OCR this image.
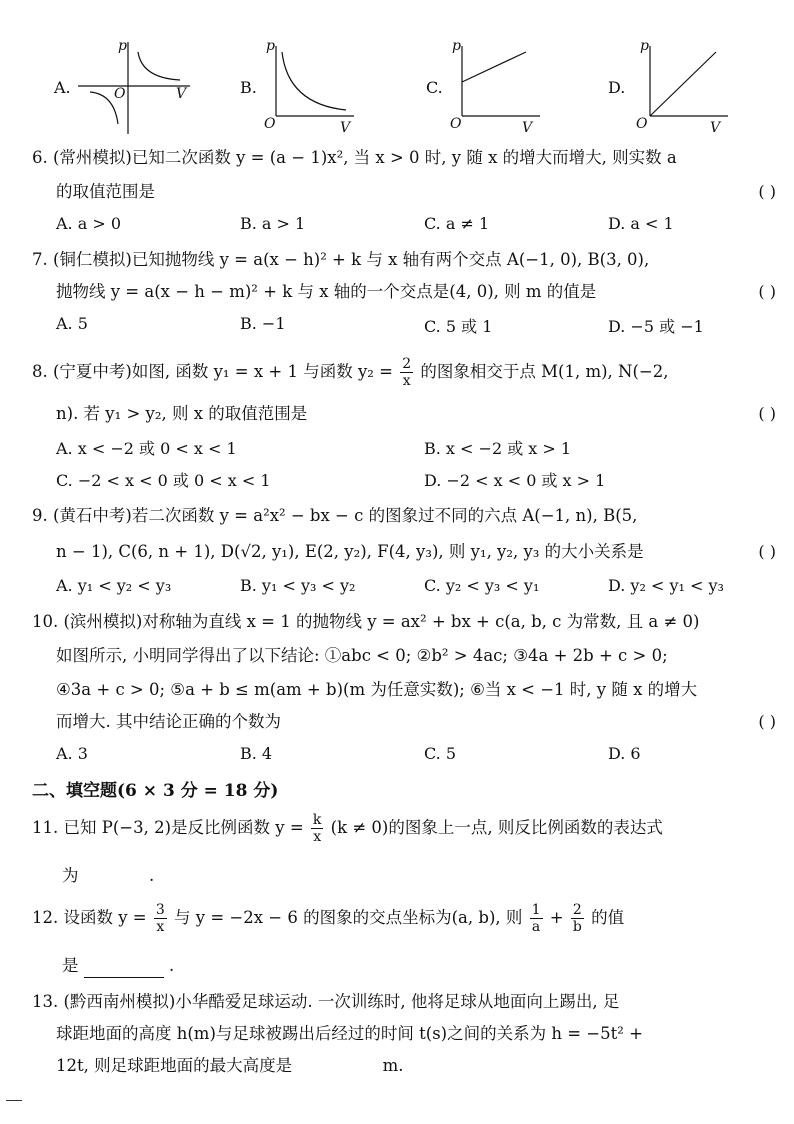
A.
p
O	V	B.
p
O	V
C.
p
O	V
D.
p
O	V
6. (常州模拟)已知二次函数 y = (a − 1)x², 当 x > 0 时, y 随 x 的增大而增大, 则实数 a
的取值范围是	( )
A. a > 0	B. a > 1	C. a ≠ 1	D. a < 1
7. (铜仁模拟)已知抛物线 y = a(x − h)² + k 与 x 轴有两个交点 A(−1, 0), B(3, 0),
抛物线 y = a(x − h − m)² + k 与 x 轴的一个交点是(4, 0), 则 m 的值是	( )
A. 5	B. −1	C. 5 或 1	D. −5 或 −1
8. (宁夏中考)如图, 函数 y₁ = x + 1 与函数 $y_2 = \frac{2}{x}$ 的图象相交于点 M(1, m), N(−2,
n). 若 y₁ > y₂, 则 x 的取值范围是	( )
A. x < −2 或 0 < x < 1	B. x < −2 或 x > 1
C. −2 < x < 0 或 0 < x < 1	D. −2 < x < 0 或 x > 1
9. (黄石中考)若二次函数 y = a²x² − bx − c 的图象过不同的六点 A(−1, n), B(5,
n − 1), C(6, n + 1), D(√2, y₁), E(2, y₂), F(4, y₃), 则 y₁, y₂, y₃ 的大小关系是	( )
A. y₁ < y₂ < y₃	B. y₁ < y₃ < y₂	C. y₂ < y₃ < y₁	D. y₂ < y₁ < y₃
10. (滨州模拟)对称轴为直线 x = 1 的抛物线 y = ax² + bx + c(a, b, c 为常数, 且 a ≠ 0)
如图所示, 小明同学得出了以下结论: ①abc < 0; ②b² > 4ac; ③4a + 2b + c > 0;
④3a + c > 0; ⑤a + b ≤ m(am + b)(m 为任意实数); ⑥当 x < −1 时, y 随 x 的增大
而增大. 其中结论正确的个数为	( )
A. 3	B. 4	C. 5	D. 6
二、填空题(6 × 3 分 = 18 分)
11. 已知 P(−3, 2)是反比例函数 $y = \frac{k}{x} (k \ne 0)$的图象上一点, 则反比例函数的表达式
为	.
12. 设函数 $y = \frac{3}{x}$ 与 y = −2x − 6 的图象的交点坐标为(a, b), 则 $\frac{1}{a} + \frac{2}{b}$ 的值
是	.
13. (黔西南州模拟)小华酷爱足球运动. 一次训练时, 他将足球从地面向上踢出, 足
球距地面的高度 h(m)与足球被踢出后经过的时间 t(s)之间的关系为 h = −5t² +
12t, 则足球距地面的最大高度是	m.
